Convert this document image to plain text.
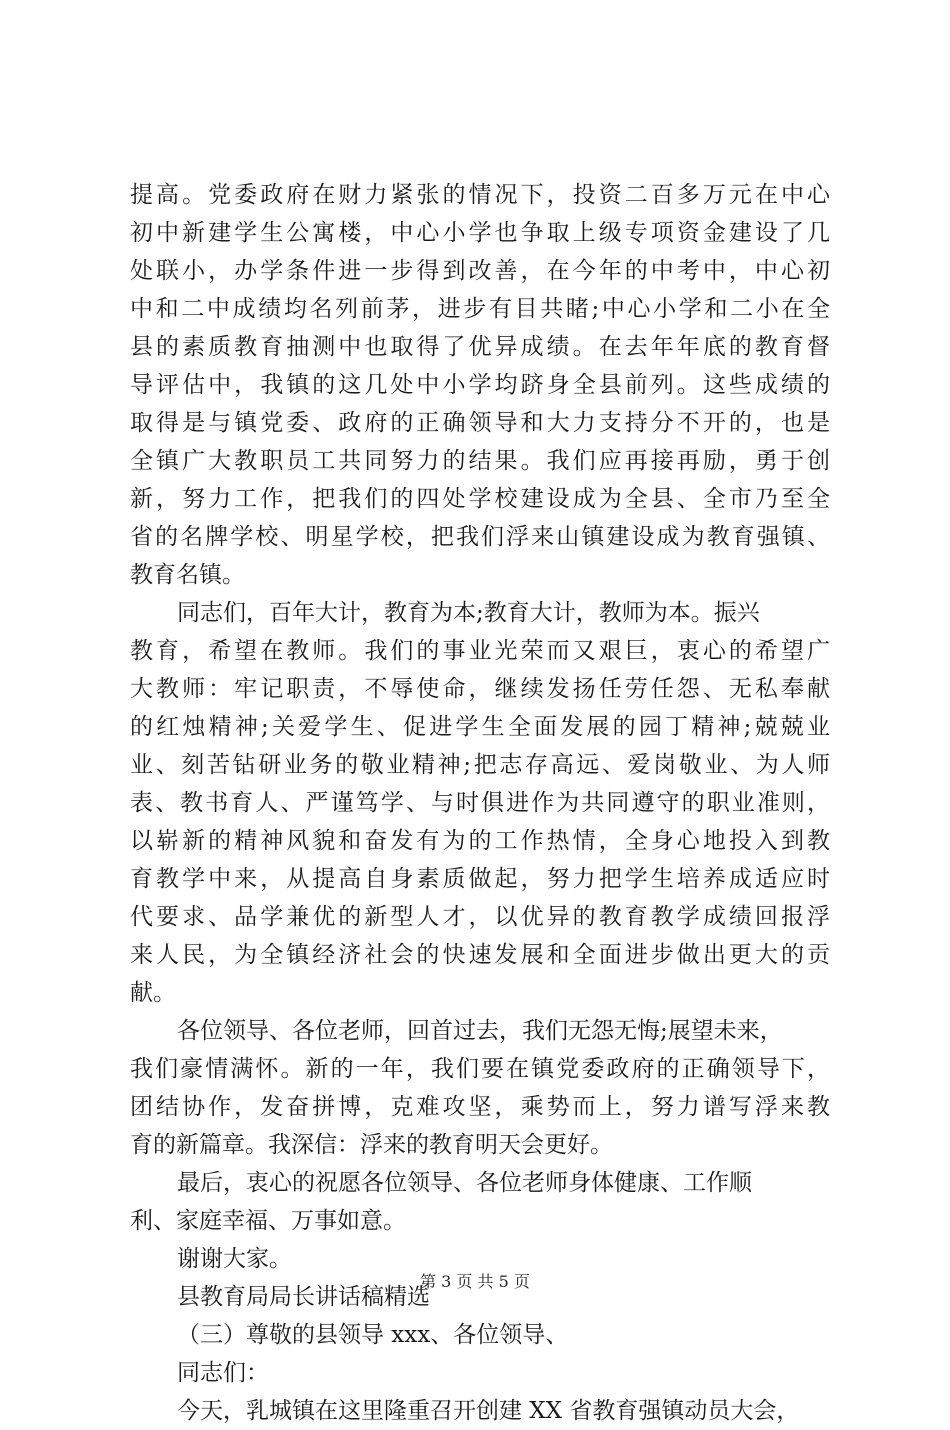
提高。党委政府在财力紧张的情况下，投资二百多万元在中心
初中新建学生公寓楼，中心小学也争取上级专项资金建设了几
处联小，办学条件进一步得到改善，在今年的中考中，中心初
中和二中成绩均名列前茅，进步有目共睹;中心小学和二小在全
县的素质教育抽测中也取得了优异成绩。在去年年底的教育督
导评估中，我镇的这几处中小学均跻身全县前列。这些成绩的
取得是与镇党委、政府的正确领导和大力支持分不开的，也是
全镇广大教职员工共同努力的结果。我们应再接再励，勇于创
新，努力工作，把我们的四处学校建设成为全县、全市乃至全
省的名牌学校、明星学校，把我们浮来山镇建设成为教育强镇、
教育名镇。
同志们，百年大计，教育为本;教育大计，教师为本。振兴
教育，希望在教师。我们的事业光荣而又艰巨，衷心的希望广
大教师：牢记职责，不辱使命，继续发扬任劳任怨、无私奉献
的红烛精神;关爱学生、促进学生全面发展的园丁精神;兢兢业
业、刻苦钻研业务的敬业精神;把志存高远、爱岗敬业、为人师
表、教书育人、严谨笃学、与时俱进作为共同遵守的职业准则，
以崭新的精神风貌和奋发有为的工作热情，全身心地投入到教
育教学中来，从提高自身素质做起，努力把学生培养成适应时
代要求、品学兼优的新型人才，以优异的教育教学成绩回报浮
来人民，为全镇经济社会的快速发展和全面进步做出更大的贡
献。
各位领导、各位老师，回首过去，我们无怨无悔;展望未来，
我们豪情满怀。新的一年，我们要在镇党委政府的正确领导下，
团结协作，发奋拼博，克难攻坚，乘势而上，努力谱写浮来教
育的新篇章。我深信：浮来的教育明天会更好。
最后，衷心的祝愿各位领导、各位老师身体健康、工作顺
利、家庭幸福、万事如意。
谢谢大家。
县教育局局长讲话稿精选
（三）尊敬的县领导 xxx、各位领导、
同志们：
今天，乳城镇在这里隆重召开创建 XX 省教育强镇动员大会，
第 3 页 共 5 页
